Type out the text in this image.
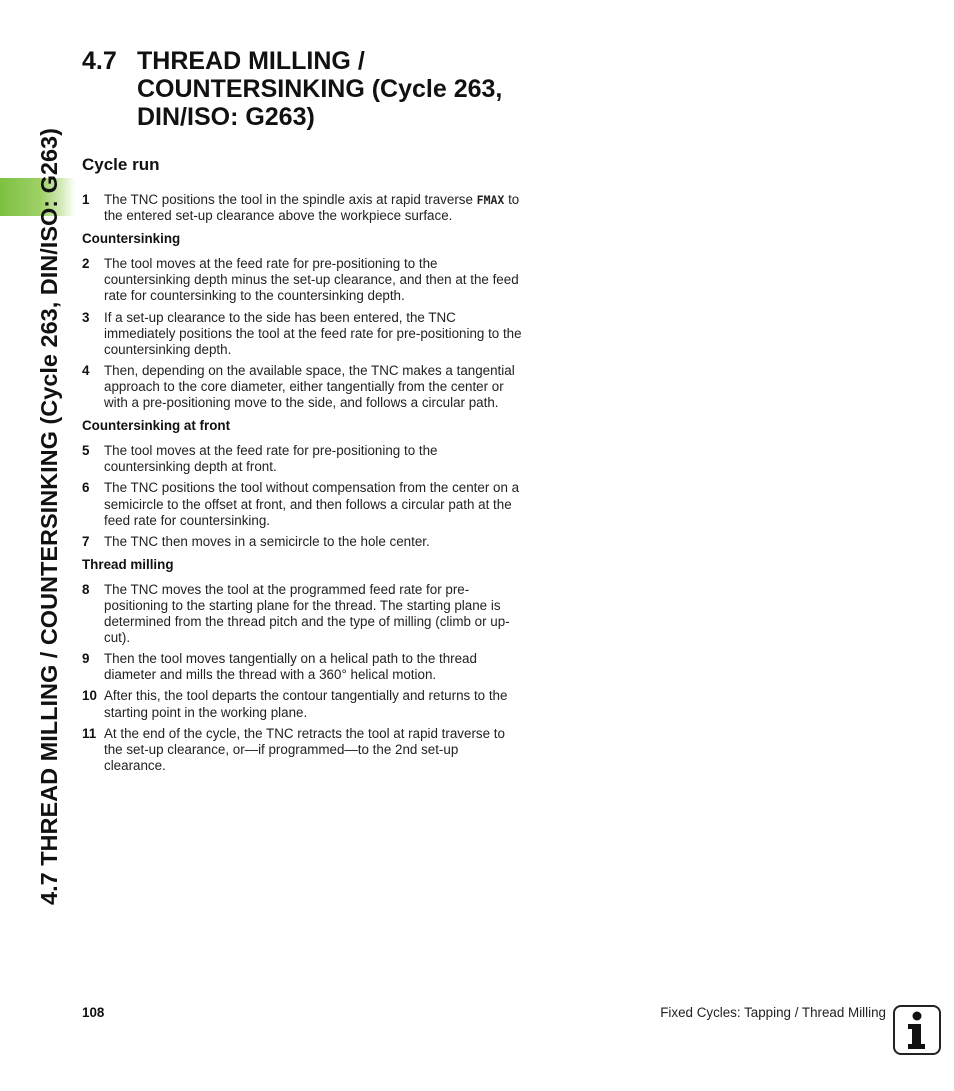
4.7 THREAD MILLING / COUNTERSINKING (Cycle 263, DIN/ISO: G263)
4.7 THREAD MILLING / COUNTERSINKING (Cycle 263, DIN/ISO: G263)
Cycle run
1	The TNC positions the tool in the spindle axis at rapid traverse FMAX to the entered set-up clearance above the workpiece surface.
Countersinking
2	The tool moves at the feed rate for pre-positioning to the countersinking depth minus the set-up clearance, and then at the feed rate for countersinking to the countersinking depth.
3	If a set-up clearance to the side has been entered, the TNC immediately positions the tool at the feed rate for pre-positioning to the countersinking depth.
4	Then, depending on the available space, the TNC makes a tangential approach to the core diameter, either tangentially from the center or with a pre-positioning move to the side, and follows a circular path.
Countersinking at front
5	The tool moves at the feed rate for pre-positioning to the countersinking depth at front.
6	The TNC positions the tool without compensation from the center on a semicircle to the offset at front, and then follows a circular path at the feed rate for countersinking.
7	The TNC then moves in a semicircle to the hole center.
Thread milling
8	The TNC moves the tool at the programmed feed rate for pre-positioning to the starting plane for the thread. The starting plane is determined from the thread pitch and the type of milling (climb or up-cut).
9	Then the tool moves tangentially on a helical path to the thread diameter and mills the thread with a 360° helical motion.
10 After this, the tool departs the contour tangentially and returns to the starting point in the working plane.
11 At the end of the cycle, the TNC retracts the tool at rapid traverse to the set-up clearance, or—if programmed—to the 2nd set-up clearance.
108	Fixed Cycles: Tapping / Thread Milling
